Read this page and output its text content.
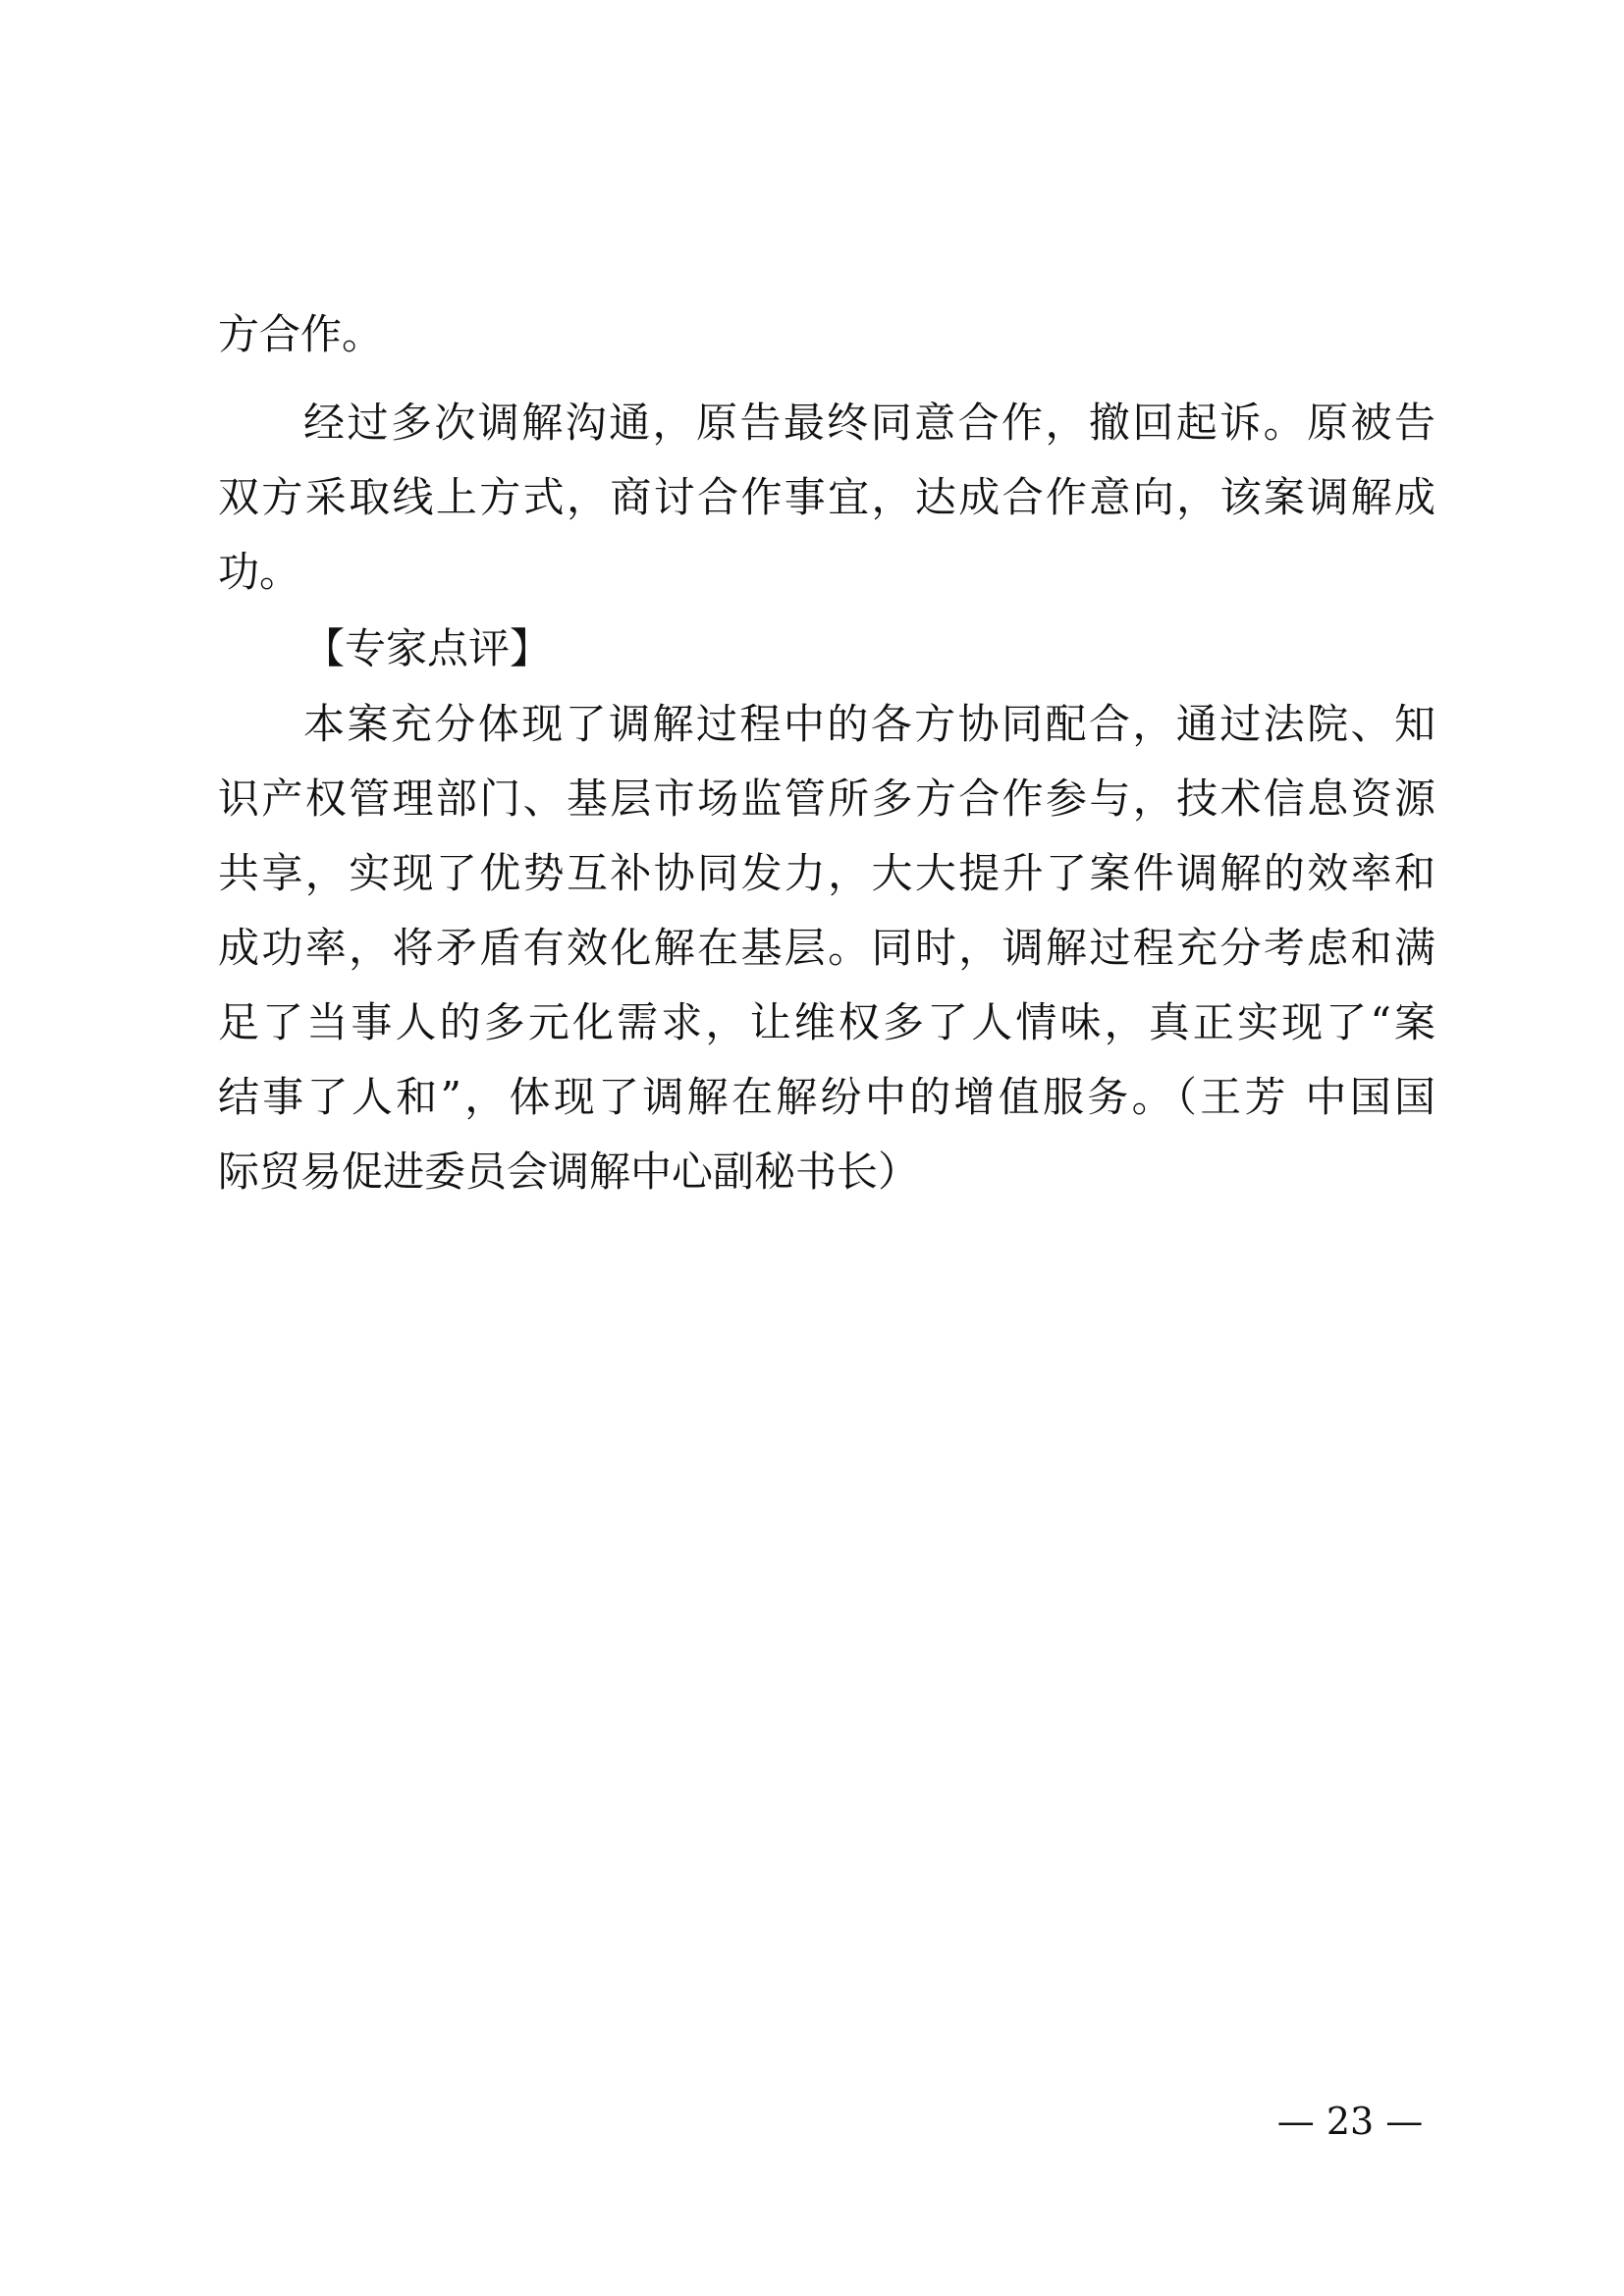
方合作。
经过多次调解沟通，原告最终同意合作，撤回起诉。原被告
双方采取线上方式，商讨合作事宜，达成合作意向，该案调解成
功。
【专家点评】
本案充分体现了调解过程中的各方协同配合，通过法院、知
识产权管理部门、基层市场监管所多方合作参与，技术信息资源
共享，实现了优势互补协同发力，大大提升了案件调解的效率和
成功率，将矛盾有效化解在基层。同时，调解过程充分考虑和满
足了当事人的多元化需求，让维权多了人情味，真正实现了“案
结事了人和”，体现了调解在解纷中的增值服务。（王芳 中国国
际贸易促进委员会调解中心副秘书长）
— 23 —
